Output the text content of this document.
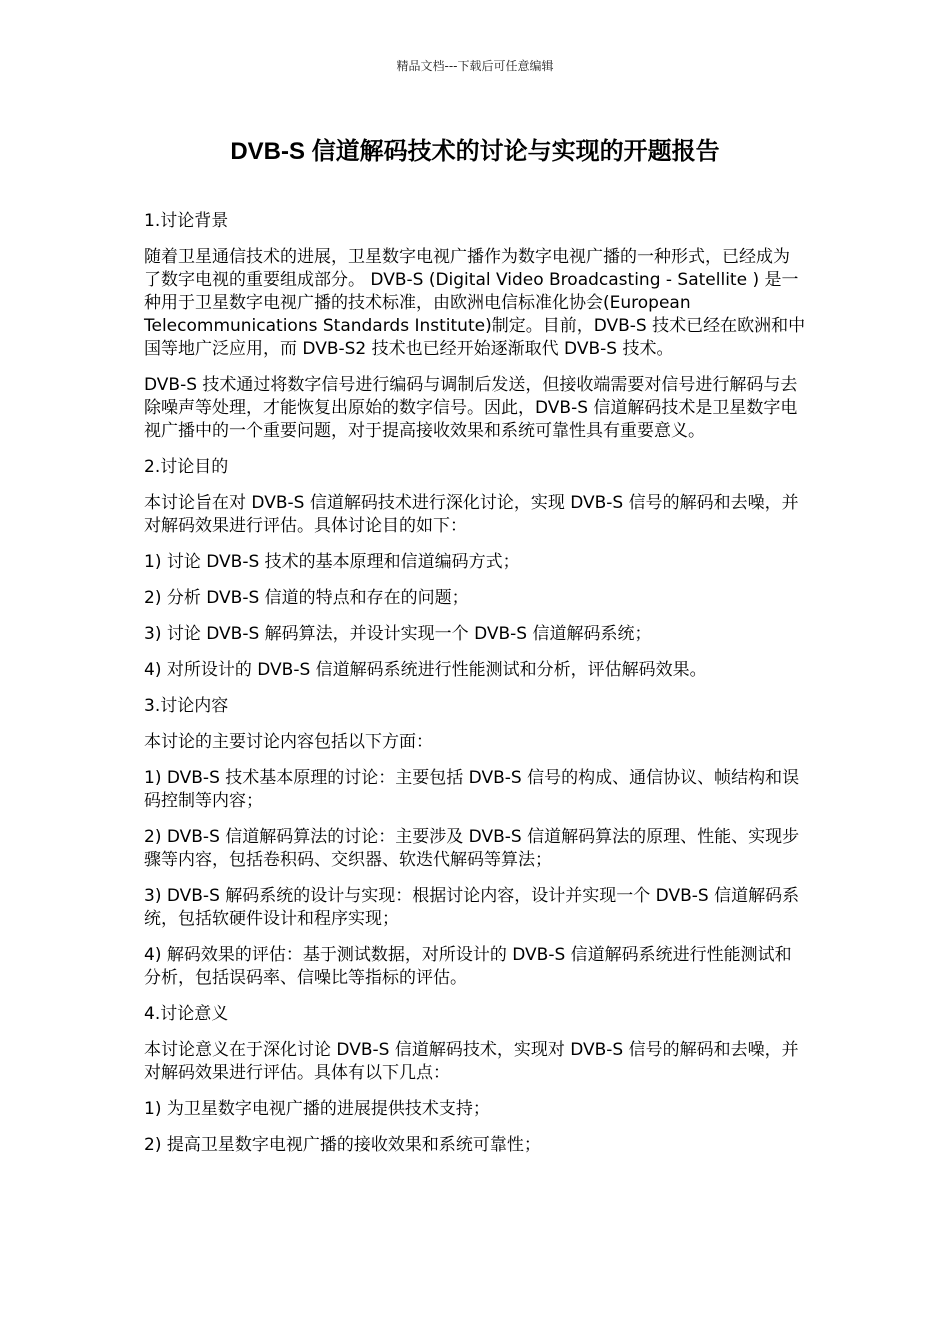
精品文档---下载后可任意编辑
DVB-S 信道解码技术的讨论与实现的开题报告

1.讨论背景

随着卫星通信技术的进展，卫星数字电视广播作为数字电视广播的一种形式，已经成为了数字电视的重要组成部分。 DVB-S (Digital Video Broadcasting - Satellite ) 是一种用于卫星数字电视广播的技术标准，由欧洲电信标准化协会(European Telecommunications Standards Institute)制定。目前，DVB-S 技术已经在欧洲和中国等地广泛应用，而 DVB-S2 技术也已经开始逐渐取代 DVB-S 技术。

DVB-S 技术通过将数字信号进行编码与调制后发送，但接收端需要对信号进行解码与去除噪声等处理，才能恢复出原始的数字信号。因此，DVB-S 信道解码技术是卫星数字电视广播中的一个重要问题，对于提高接收效果和系统可靠性具有重要意义。

2.讨论目的

本讨论旨在对 DVB-S 信道解码技术进行深化讨论，实现 DVB-S 信号的解码和去噪，并对解码效果进行评估。具体讨论目的如下：

1) 讨论 DVB-S 技术的基本原理和信道编码方式；

2) 分析 DVB-S 信道的特点和存在的问题；

3) 讨论 DVB-S 解码算法，并设计实现一个 DVB-S 信道解码系统；

4) 对所设计的 DVB-S 信道解码系统进行性能测试和分析，评估解码效果。

3.讨论内容

本讨论的主要讨论内容包括以下方面：

1) DVB-S 技术基本原理的讨论：主要包括 DVB-S 信号的构成、通信协议、帧结构和误码控制等内容；

2) DVB-S 信道解码算法的讨论：主要涉及 DVB-S 信道解码算法的原理、性能、实现步骤等内容，包括卷积码、交织器、软迭代解码等算法；

3) DVB-S 解码系统的设计与实现：根据讨论内容，设计并实现一个 DVB-S 信道解码系统，包括软硬件设计和程序实现；

4) 解码效果的评估：基于测试数据，对所设计的 DVB-S 信道解码系统进行性能测试和分析，包括误码率、信噪比等指标的评估。

4.讨论意义

本讨论意义在于深化讨论 DVB-S 信道解码技术，实现对 DVB-S 信号的解码和去噪，并对解码效果进行评估。具体有以下几点：

1) 为卫星数字电视广播的进展提供技术支持；

2) 提高卫星数字电视广播的接收效果和系统可靠性；
